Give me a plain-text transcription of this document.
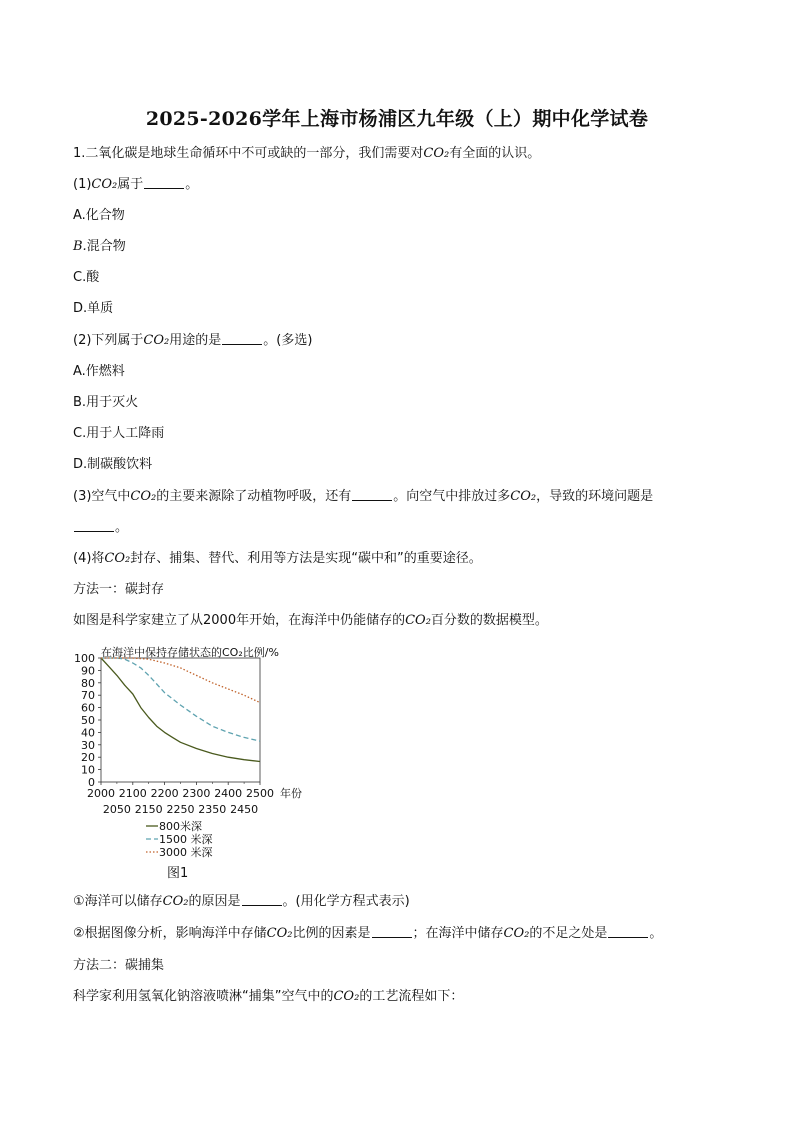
2025-2026学年上海市杨浦区九年级（上）期中化学试卷
1.二氧化碳是地球生命循环中不可或缺的一部分，我们需要对CO₂有全面的认识。
(1)CO₂属于	。
A.化合物
B.混合物
C.酸
D.单质
(2)下列属于CO₂用途的是	。(多选)
A.作燃料
B.用于灭火
C.用于人工降雨
D.制碳酸饮料
(3)空气中CO₂的主要来源除了动植物呼吸，还有	。向空气中排放过多CO₂，导致的环境问题是
。
(4)将CO₂封存、捕集、替代、利用等方法是实现“碳中和”的重要途径。
方法一：碳封存
如图是科学家建立了从2000年开始，在海洋中仍能储存的CO₂百分数的数据模型。
在海洋中保持存储状态的CO₂比例/%
100
90
80
70
60
50
40
30
20
10
0
2000 2100 2200 2300 2400 2500
2050 2150 2250 2350 2450
年份
800米深
1500 米深
3000 米深
图1
①海洋可以储存CO₂的原因是	。(用化学方程式表示)
②根据图像分析，影响海洋中存储CO₂比例的因素是	；在海洋中储存CO₂的不足之处是	。
方法二：碳捕集
科学家利用氢氧化钠溶液喷淋“捕集”空气中的CO₂的工艺流程如下：
